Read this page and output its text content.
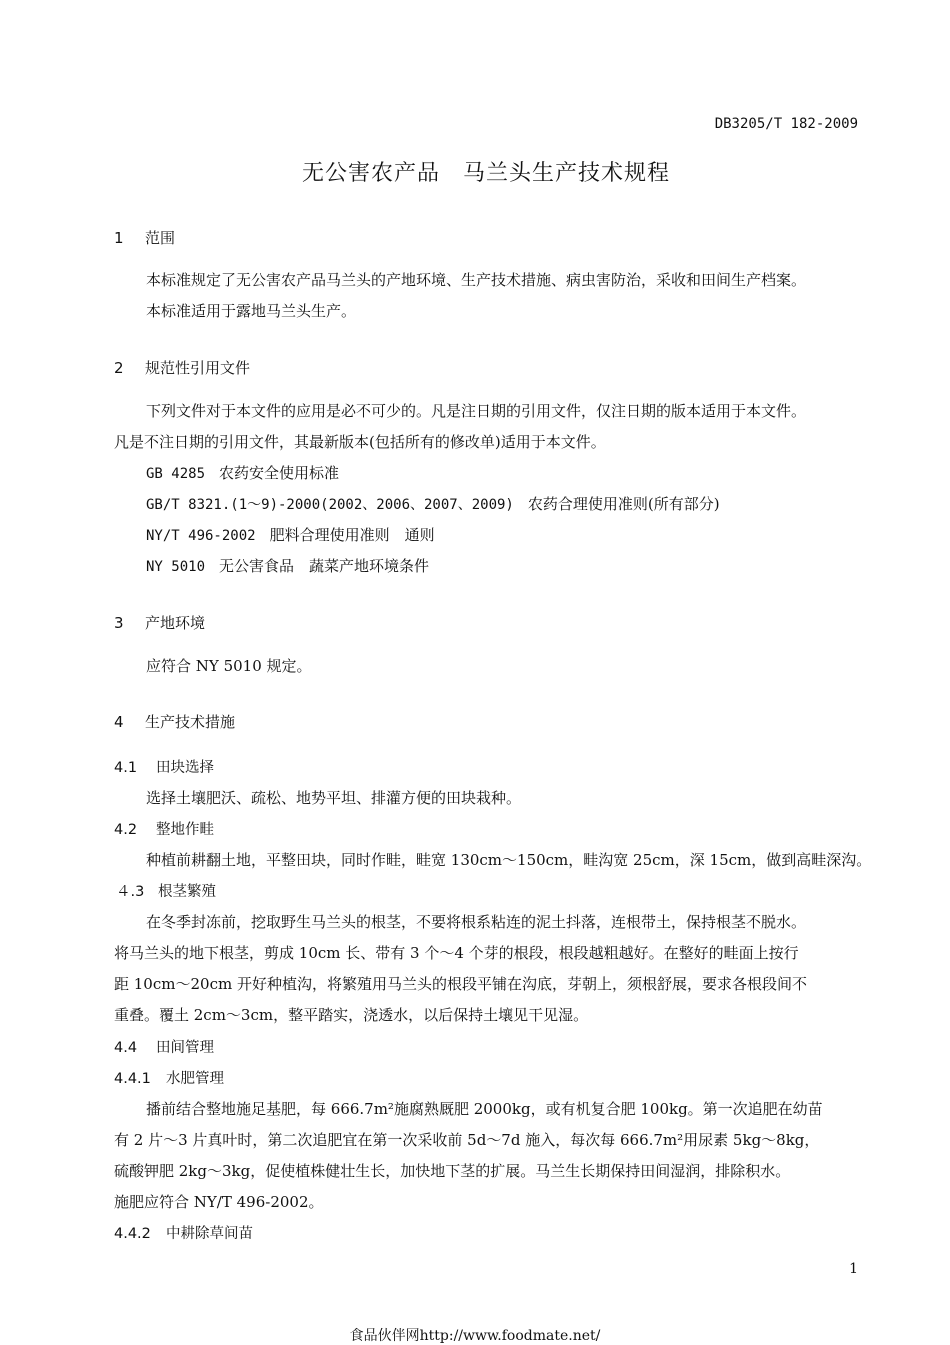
DB3205/T 182-2009
无公害农产品　马兰头生产技术规程
1 范围
本标准规定了无公害农产品马兰头的产地环境、生产技术措施、病虫害防治，采收和田间生产档案。
本标准适用于露地马兰头生产。
2 规范性引用文件
下列文件对于本文件的应用是必不可少的。凡是注日期的引用文件，仅注日期的版本适用于本文件。
凡是不注日期的引用文件，其最新版本(包括所有的修改单)适用于本文件。
GB 4285 农药安全使用标准
GB/T 8321.(1～9)-2000(2002、2006、2007、2009) 农药合理使用准则(所有部分)
NY/T 496-2002 肥料合理使用准则　通则
NY 5010 无公害食品　蔬菜产地环境条件
3 产地环境
应符合 NY 5010 规定。
4 生产技术措施
4.1 田块选择
选择土壤肥沃、疏松、地势平坦、排灌方便的田块栽种。
4.2 整地作畦
种植前耕翻土地，平整田块，同时作畦，畦宽 130cm～150cm，畦沟宽 25cm，深 15cm，做到高畦深沟。
４.3 根茎繁殖
在冬季封冻前，挖取野生马兰头的根茎，不要将根系粘连的泥土抖落，连根带土，保持根茎不脱水。
将马兰头的地下根茎，剪成 10cm 长、带有 3 个～4 个芽的根段，根段越粗越好。在整好的畦面上按行
距 10cm～20cm 开好种植沟，将繁殖用马兰头的根段平铺在沟底，芽朝上，须根舒展，要求各根段间不
重叠。覆土 2cm～3cm，整平踏实，浇透水，以后保持土壤见干见湿。
4.4 田间管理
4.4.1 水肥管理
播前结合整地施足基肥，每 666.7m²施腐熟厩肥 2000kg，或有机复合肥 100kg。第一次追肥在幼苗
有 2 片～3 片真叶时，第二次追肥宜在第一次采收前 5d～7d 施入，每次每 666.7m²用尿素 5kg～8kg，
硫酸钾肥 2kg～3kg，促使植株健壮生长，加快地下茎的扩展。马兰生长期保持田间湿润，排除积水。
施肥应符合 NY/T 496-2002。
4.4.2 中耕除草间苗
1
食品伙伴网http://www.foodmate.net/
